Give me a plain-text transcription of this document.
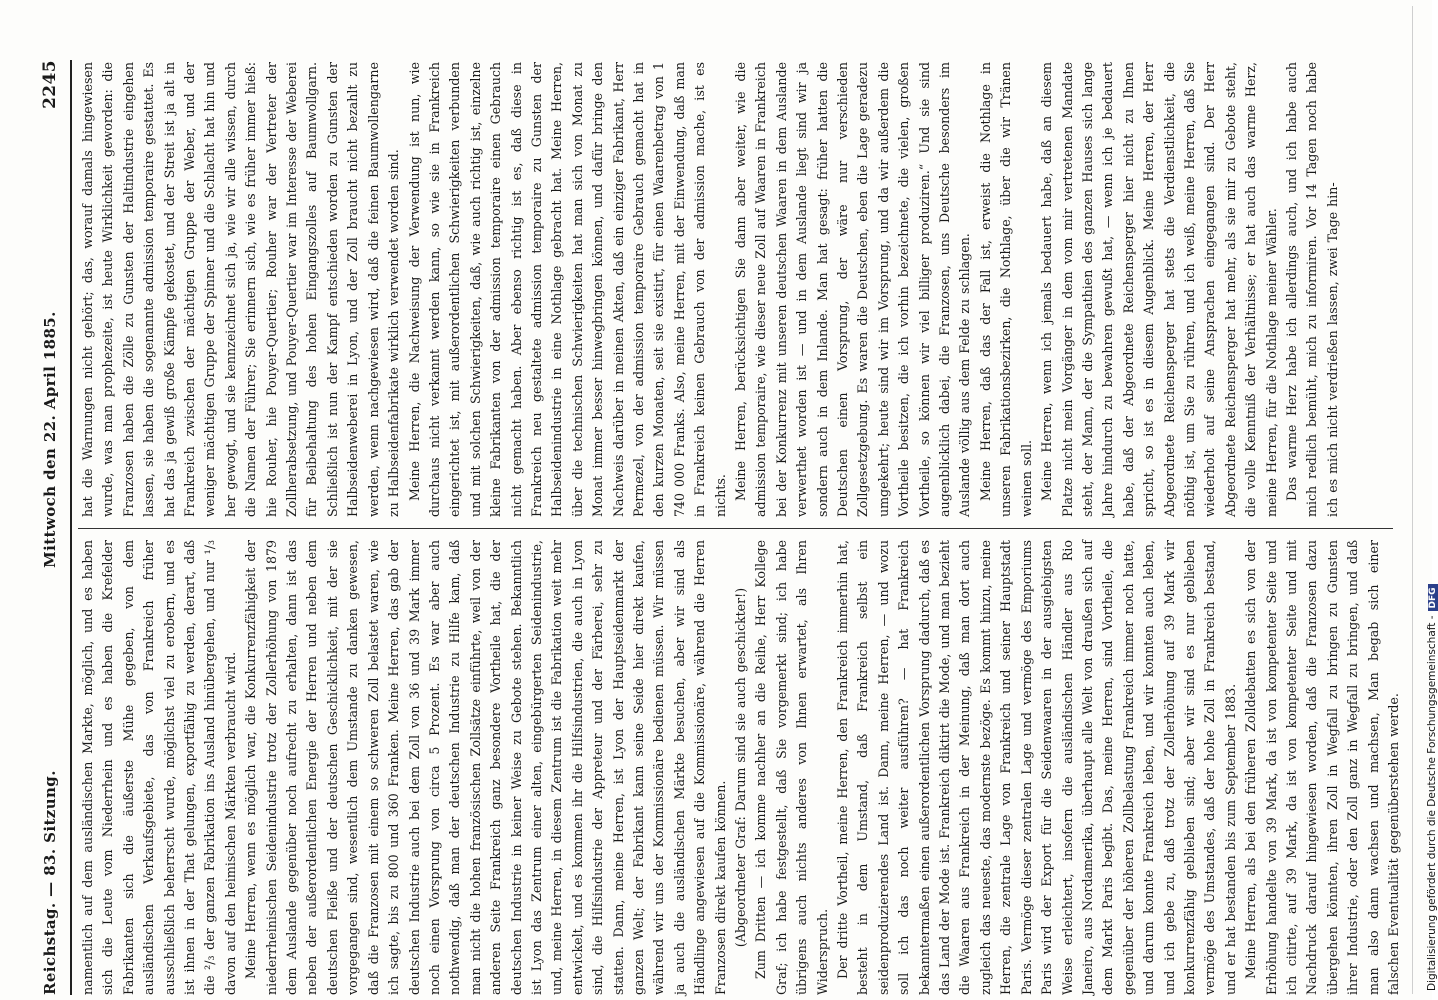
Reichstag. — 83. Sitzung.
Mittwoch den 22. April 1885.
2245

namentlich auf dem ausländischen Markte, möglich, und es haben sich die Leute vom Niederrhein und es haben die Krefelder Fabrikanten sich die äußerste Mühe gegeben, von dem ausländischen Verkaufsgebiete, das von Frankreich früher ausschließlich beherrscht wurde, möglichst viel zu erobern, und es ist ihnen in der That gelungen, exportfähig zu werden, derart, daß die ²/₃ der ganzen Fabrikation ins Ausland hinübergehen, und nur ¹/₃ davon auf den heimischen Märkten verbraucht wird. Meine Herren, wenn es möglich war, die Konkurrenzfähigkeit der niederrheinischen Seidenindustrie trotz der Zollerhöhung von 1879 dem Auslande gegenüber noch aufrecht zu erhalten, dann ist das neben der außerordentlichen Energie der Herren und neben dem deutschen Fleiße und der deutschen Geschicklichkeit, mit der sie vorgegangen sind, wesentlich dem Umstande zu danken gewesen, daß die Franzosen mit einem so schweren Zoll belastet waren, wie ich sagte, bis zu 800 und 360 Franken. Meine Herren, das gab der deutschen Industrie auch bei dem Zoll von 36 und 39 Mark immer noch einen Vorsprung von circa 5 Prozent. Es war aber auch nothwendig, daß man der deutschen Industrie zu Hilfe kam, daß man nicht die hohen französischen Zollsätze einführte, weil von der anderen Seite Frankreich ganz besondere Vortheile hat, die der deutschen Industrie in keiner Weise zu Gebote stehen. Bekanntlich ist Lyon das Zentrum einer alten, eingebürgerten Seidenindustrie, und, meine Herren, in diesem Zentrum ist die Fabrikation weit mehr entwickelt, und es kommen ihr die Hilfsindustrien, die auch in Lyon sind, die Hilfsindustrie der Appreteur und der Färberei, sehr zu statten. Dann, meine Herren, ist Lyon der Hauptseidenmarkt der ganzen Welt; der Fabrikant kann seine Seide hier direkt kaufen, während wir uns der Kommissionäre bedienen müssen. Wir müssen ja auch die ausländischen Märkte besuchen, aber wir sind als Händlinge angewiesen auf die Kommissionäre, während die Herren Franzosen direkt kaufen können. (Abgeordneter Graf: Darum sind sie auch geschickter!) Zum Dritten — ich komme nachher an die Reihe, Herr Kollege Graf; ich habe festgestellt, daß Sie vorgemerkt sind; ich habe übrigens auch nichts anderes von Ihnen erwartet, als Ihren Widerspruch. Der dritte Vortheil, meine Herren, den Frankreich immerhin hat, besteht in dem Umstand, daß Frankreich selbst ein seidenproduzierendes Land ist. Dann, meine Herren, — und wozu soll ich das noch weiter ausführen? — hat Frankreich bekanntermaßen einen außerordentlichen Vorsprung dadurch, daß es das Land der Mode ist. Frankreich diktirt die Mode, und man bezieht die Waaren aus Frankreich in der Meinung, daß man dort auch zugleich das neueste, das modernste bezöge. Es kommt hinzu, meine Herren, die zentrale Lage von Frankreich und seiner Hauptstadt Paris. Vermöge dieser zentralen Lage und vermöge des Emporiums Paris wird der Export für die Seidenwaaren in der ausgiebigsten Weise erleichtert, insofern die ausländischen Händler aus Rio Janeiro, aus Nordamerika, überhaupt alle Welt von draußen sich auf dem Markt Paris begibt. Das, meine Herren, sind Vortheile, die gegenüber der höheren Zollbelastung Frankreich immer noch hatte, und darum konnte Frankreich leben, und wir konnten auch leben, und ich gebe zu, daß trotz der Zollerhöhung auf 39 Mark wir konkurrenzfähig geblieben sind; aber wir sind es nur geblieben vermöge des Umstandes, daß der hohe Zoll in Frankreich bestand, und er hat bestanden bis zum September 1883. Meine Herren, als bei den früheren Zolldebatten es sich von der Erhöhung handelte von 39 Mark, da ist von kompetenter Seite und ich citirte, auf 39 Mark, da ist von kompetenter Seite und mit Nachdruck darauf hingewiesen worden, daß die Franzosen dazu übergehen könnten, ihren Zoll in Wegfall zu bringen zu Gunsten ihrer Industrie, oder den Zoll ganz in Wegfall zu bringen, und daß man also dann wachsen und machsen, Man begab sich einer falschen Eventualität gegenüberstehen werde.

hat die Warnungen nicht gehört; das, worauf damals hingewiesen wurde, was man prophezeite, ist heute Wirklichkeit geworden: die Franzosen haben die Zölle zu Gunsten der Haltindustrie eingehen lassen, sie haben die sogenannte admission temporaire gestattet. Es hat das ja gewiß große Kämpfe gekostet, und der Streit ist ja alt in Frankreich zwischen der mächtigen Gruppe der Weber, und der weniger mächtigen Gruppe der Spinner und die Schlacht hat hin und her gewogt, und sie kennzeichnet sich ja, wie wir alle wissen, durch die Namen der Führer; Sie erinnern sich, wie es früher immer hieß: hie Rouher, hie Pouyer-Quertier; Rouher war der Vertreter der Zollherabsetzung, und Pouyer-Quertier war im Interesse der Weberei für Beibehaltung des hohen Eingangszolles auf Baumwollgarn. Schließlich ist nun der Kampf entschieden worden zu Gunsten der Halbseidenweberei in Lyon, und der Zoll braucht nicht bezahlt zu werden, wenn nachgewiesen wird, daß die feinen Baumwollengarne zu Halbseidenfabrikate wirklich verwendet worden sind. Meine Herren, die Nachweisung der Verwendung ist nun, wie durchaus nicht verkannt werden kann, so wie sie in Frankreich eingerichtet ist, mit außerordentlichen Schwierigkeiten verbunden und mit solchen Schwierigkeiten, daß, wie auch richtig ist, einzelne kleine Fabrikanten von der admission temporaire einen Gebrauch nicht gemacht haben. Aber ebenso richtig ist es, daß diese in Frankreich neu gestaltete admission temporaire zu Gunsten der Halbseidenindustrie in eine Nothlage gebracht hat. Meine Herren, über die technischen Schwierigkeiten hat man sich von Monat zu Monat immer besser hinwegbringen können, und dafür bringe den Nachweis darüber in meinen Akten, daß ein einziger Fabrikant, Herr Permezel, von der admission temporaire Gebrauch gemacht hat in den kurzen Monaten, seit sie existirt, für einen Waarenbetrag von 1 740 000 Franks. Also, meine Herren, mit der Einwendung, daß man in Frankreich keinen Gebrauch von der admission mache, ist es nichts. Meine Herren, berücksichtigen Sie dann aber weiter, wie die admission temporaire, wie dieser neue Zoll auf Waaren in Frankreich bei der Konkurrenz mit unseren deutschen Waaren in dem Auslande verwerthet worden ist — und in dem Auslande liegt sind wir ja sondern auch in dem Inlande. Man hat gesagt: früher hatten die Deutschen einen Vorsprung, der wäre nur verschieden Zollgesetzgebung. Es waren die Deutschen, eben die Lage geradezu umgekehrt; heute sind wir im Vorsprung, und da wir außerdem die Vortheile besitzen, die ich vorhin bezeichnete, die vielen, großen Vortheile, so können wir viel billiger produziren.“ Und sie sind augenblicklich dabei, die Franzosen, uns Deutsche besonders im Auslande völlig aus dem Felde zu schlagen. Meine Herren, daß das der Fall ist, erweist die Nothlage in unseren Fabrikationsbezirken, die Nothlage, über die wir Tränen weinen soll. Meine Herren, wenn ich jemals bedauert habe, daß an diesem Platze nicht mein Vorgänger in dem vom mir vertretenen Mandate steht, der Mann, der die Sympathien des ganzen Hauses sich lange Jahre hindurch zu bewahren gewußt hat, — wenn ich je bedauert habe, daß der Abgeordnete Reichensperger hier nicht zu Ihnen spricht, so ist es in diesem Augenblick. Meine Herren, der Herr Abgeordnete Reichensperger hat stets die Verdienstlichkeit, die nöthig ist, um Sie zu rühren, und ich weiß, meine Herren, daß Sie wiederholt auf seine Ansprachen eingegangen sind. Der Herr Abgeordnete Reichensperger hat mehr, als sie mir zu Gebote steht, die volle Kenntniß der Verhältnisse; er hat auch das warme Herz, meine Herren, für die Nothlage meiner Wähler. Das warme Herz habe ich allerdings auch, und ich habe auch mich redlich bemüht, mich zu informiren. Vor 14 Tagen noch habe ich es mich nicht verdrießen lassen, zwei Tage hin-

Digitalisierung gefördert durch die Deutsche Forschungsgemeinschaft -DFG
